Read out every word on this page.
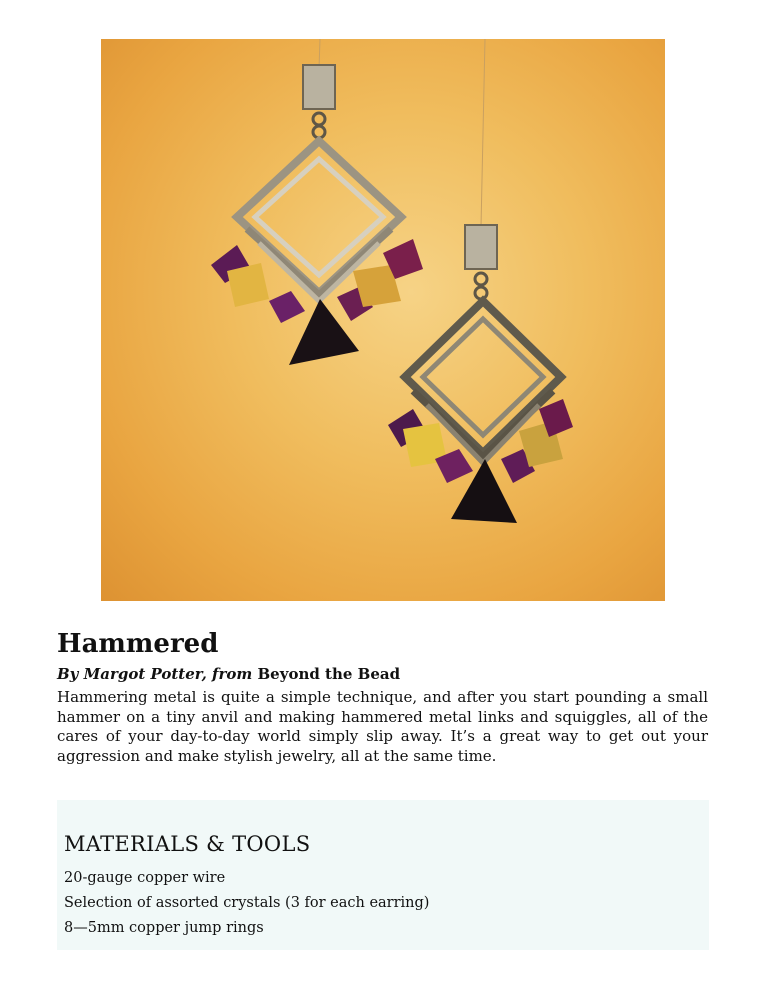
Hammered
By Margot Potter, from Beyond the Bead
Hammering metal is quite a simple technique, and after you start pounding a small hammer on a tiny anvil and making hammered metal links and squiggles, all of the cares of your day-to-day world simply slip away. It’s a great way to get out your aggression and make stylish jewelry, all at the same time.
MATERIALS & TOOLS
20-gauge copper wire
Selection of assorted crystals (3 for each earring)
8—5mm copper jump rings
